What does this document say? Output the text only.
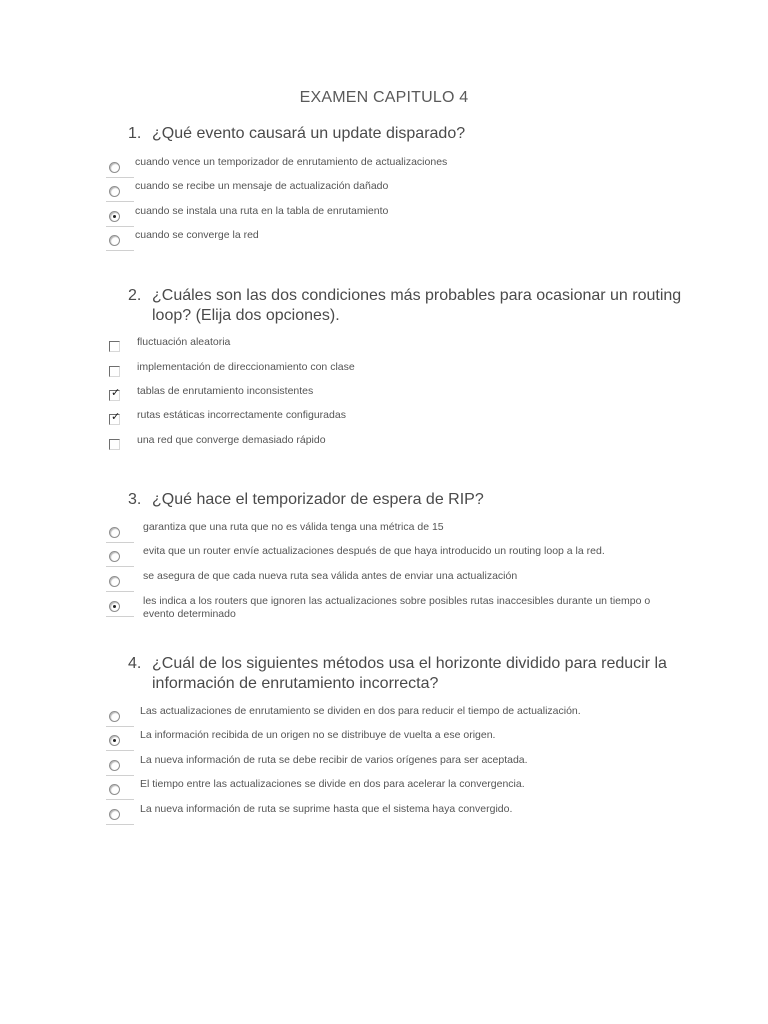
EXAMEN CAPITULO 4
1. ¿Qué evento causará un update disparado?
cuando vence un temporizador de enrutamiento de actualizaciones
cuando se recibe un mensaje de actualización dañado
cuando se instala una ruta en la tabla de enrutamiento
cuando se converge la red
2. ¿Cuáles son las dos condiciones más probables para ocasionar un routing loop? (Elija dos opciones).
fluctuación aleatoria
implementación de direccionamiento con clase
✓ tablas de enrutamiento inconsistentes
✓ rutas estáticas incorrectamente configuradas
una red que converge demasiado rápido
3. ¿Qué hace el temporizador de espera de RIP?
garantiza que una ruta que no es válida tenga una métrica de 15
evita que un router envíe actualizaciones después de que haya introducido un routing loop a la red.
se asegura de que cada nueva ruta sea válida antes de enviar una actualización
les indica a los routers que ignoren las actualizaciones sobre posibles rutas inaccesibles durante un tiempo o evento determinado
4. ¿Cuál de los siguientes métodos usa el horizonte dividido para reducir la información de enrutamiento incorrecta?
Las actualizaciones de enrutamiento se dividen en dos para reducir el tiempo de actualización.
La información recibida de un origen no se distribuye de vuelta a ese origen.
La nueva información de ruta se debe recibir de varios orígenes para ser aceptada.
El tiempo entre las actualizaciones se divide en dos para acelerar la convergencia.
La nueva información de ruta se suprime hasta que el sistema haya convergido.
